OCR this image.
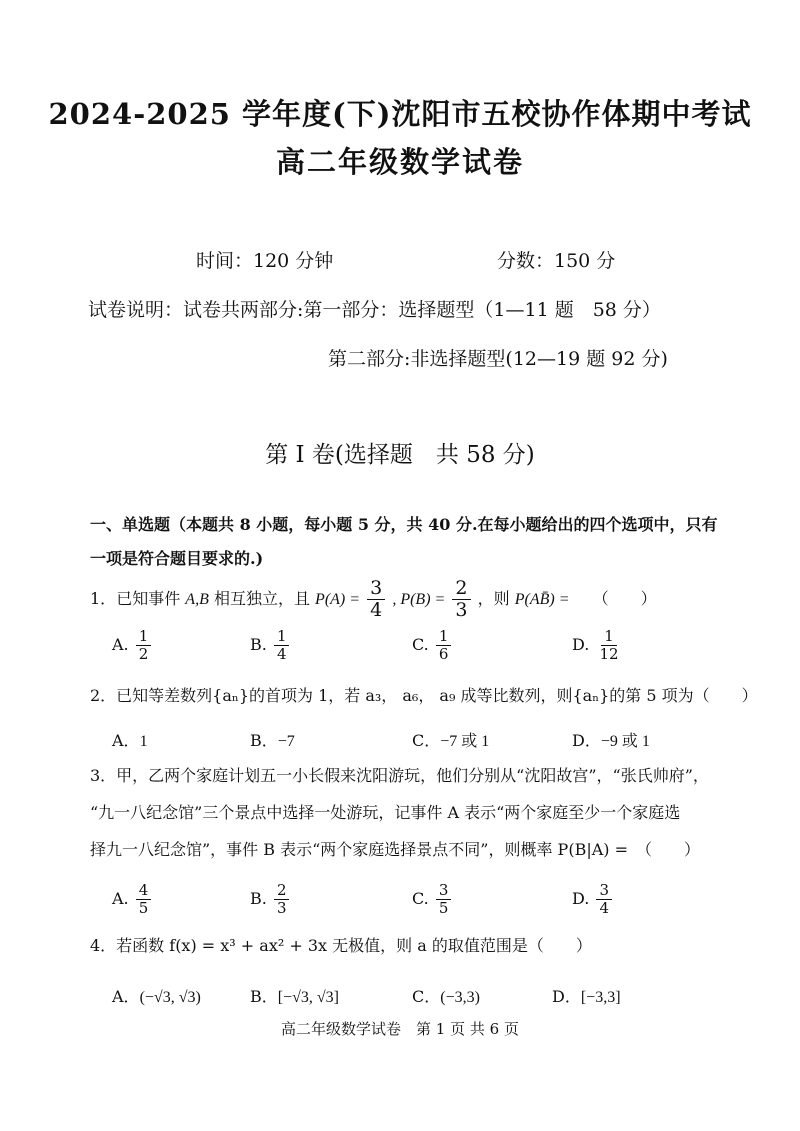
2024-2025 学年度(下)沈阳市五校协作体期中考试
高二年级数学试卷
时间：120 分钟	分数：150 分
试卷说明：试卷共两部分:第一部分：选择题型（1—11 题　58 分）
第二部分:非选择题型(12—19 题 92 分)
第 I 卷(选择题　共 58 分)
一、单选题（本题共 8 小题，每小题 5 分，共 40 分.在每小题给出的四个选项中，只有
一项是符合题目要求的.)
1．已知事件 A,B 相互独立，且 $P(A) = \frac{3}{4}$ , $P(B) = \frac{2}{3}$ ，则 P(AB̄) = （　　）
A. $\frac{1}{2}$	B. $\frac{1}{4}$	C. $\frac{1}{6}$	D. $\frac{1}{12}$
2．已知等差数列{aₙ}的首项为 1，若 a₃， a₆， a₉ 成等比数列，则{aₙ}的第 5 项为（　　）
A．1	B．−7	C．−7 或 1	D．−9 或 1
3．甲，乙两个家庭计划五一小长假来沈阳游玩，他们分别从“沈阳故宫”，“张氏帅府”，
“九一八纪念馆”三个景点中选择一处游玩，记事件 A 表示“两个家庭至少一个家庭选
择九一八纪念馆”，事件 B 表示“两个家庭选择景点不同”，则概率 P(B|A) =　（　　）
A. $\frac{4}{5}$	B. $\frac{2}{3}$	C. $\frac{3}{5}$	D. $\frac{3}{4}$
4．若函数 f(x) = x³ + ax² + 3x 无极值，则 a 的取值范围是（　　）
A．(−√3, √3)	B．[−√3, √3]	C．(−3,3)	D．[−3,3]
高二年级数学试卷　第 1 页 共 6 页
